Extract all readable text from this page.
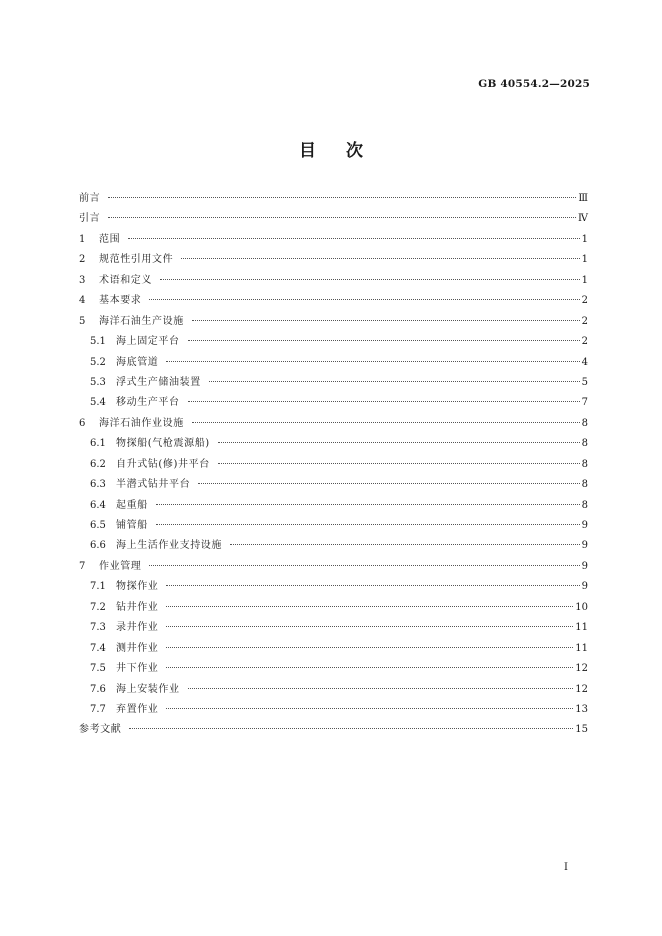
GB 40554.2—2025
目次
前言	Ⅲ
引言	Ⅳ
1	范围	1
2	规范性引用文件	1
3	术语和定义	1
4	基本要求	2
5	海洋石油生产设施	2
5.1	海上固定平台	2
5.2	海底管道	4
5.3	浮式生产储油装置	5
5.4	移动生产平台	7
6	海洋石油作业设施	8
6.1	物探船(气枪震源船)	8
6.2	自升式钻(修)井平台	8
6.3	半潜式钻井平台	8
6.4	起重船	8
6.5	铺管船	9
6.6	海上生活作业支持设施	9
7	作业管理	9
7.1	物探作业	9
7.2	钻井作业	10
7.3	录井作业	11
7.4	测井作业	11
7.5	井下作业	12
7.6	海上安装作业	12
7.7	弃置作业	13
参考文献	15
I
